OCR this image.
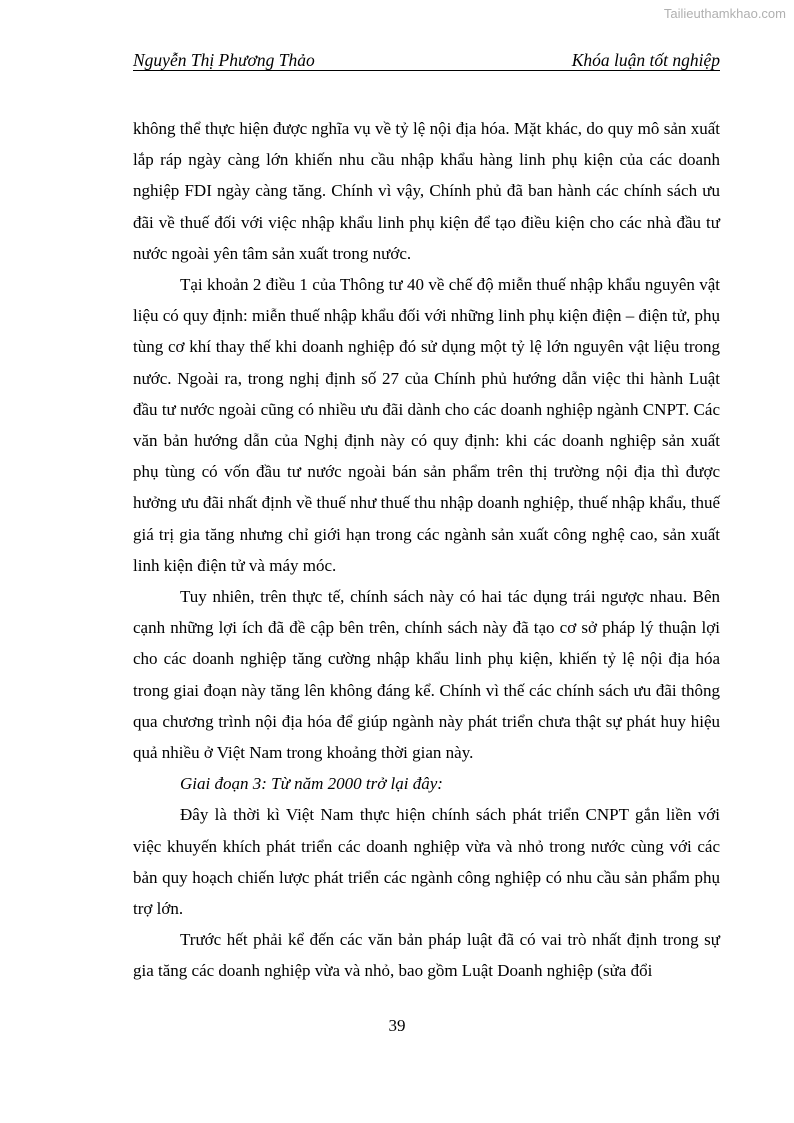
Tailieuthamkhao.com
Nguyễn Thị Phương Thảo	Khóa luận tốt nghiệp

không thể thực hiện được nghĩa vụ về tỷ lệ nội địa hóa. Mặt khác, do quy mô sản xuất lắp ráp ngày càng lớn khiến nhu cầu nhập khẩu hàng linh phụ kiện của các doanh nghiệp FDI ngày càng tăng. Chính vì vậy, Chính phủ đã ban hành các chính sách ưu đãi về thuế đối với việc nhập khẩu linh phụ kiện để tạo điều kiện cho các nhà đầu tư nước ngoài yên tâm sản xuất trong nước.

Tại khoản 2 điều 1 của Thông tư 40 về chế độ miễn thuế nhập khẩu nguyên vật liệu có quy định: miễn thuế nhập khẩu đối với những linh phụ kiện điện – điện tử, phụ tùng cơ khí thay thế khi doanh nghiệp đó sử dụng một tỷ lệ lớn nguyên vật liệu trong nước. Ngoài ra, trong nghị định số 27 của Chính phủ hướng dẫn việc thi hành Luật đầu tư nước ngoài cũng có nhiều ưu đãi dành cho các doanh nghiệp ngành CNPT. Các văn bản hướng dẫn của Nghị định này có quy định: khi các doanh nghiệp sản xuất phụ tùng có vốn đầu tư nước ngoài bán sản phẩm trên thị trường nội địa thì được hưởng ưu đãi nhất định về thuế như thuế thu nhập doanh nghiệp, thuế nhập khẩu, thuế giá trị gia tăng nhưng chỉ giới hạn trong các ngành sản xuất công nghệ cao, sản xuất linh kiện điện tử và máy móc.

Tuy nhiên, trên thực tế, chính sách này có hai tác dụng trái ngược nhau. Bên cạnh những lợi ích đã đề cập bên trên, chính sách này đã tạo cơ sở pháp lý thuận lợi cho các doanh nghiệp tăng cường nhập khẩu linh phụ kiện, khiến tỷ lệ nội địa hóa trong giai đoạn này tăng lên không đáng kể. Chính vì thế các chính sách ưu đãi thông qua chương trình nội địa hóa để giúp ngành này phát triển chưa thật sự phát huy hiệu quả nhiều ở Việt Nam trong khoảng thời gian này.

Giai đoạn 3: Từ năm 2000 trở lại đây:

Đây là thời kì Việt Nam thực hiện chính sách phát triển CNPT gắn liền với việc khuyến khích phát triển các doanh nghiệp vừa và nhỏ trong nước cùng với các bản quy hoạch chiến lược phát triển các ngành công nghiệp có nhu cầu sản phẩm phụ trợ lớn.

Trước hết phải kể đến các văn bản pháp luật đã có vai trò nhất định trong sự gia tăng các doanh nghiệp vừa và nhỏ, bao gồm Luật Doanh nghiệp (sửa đổi

39
